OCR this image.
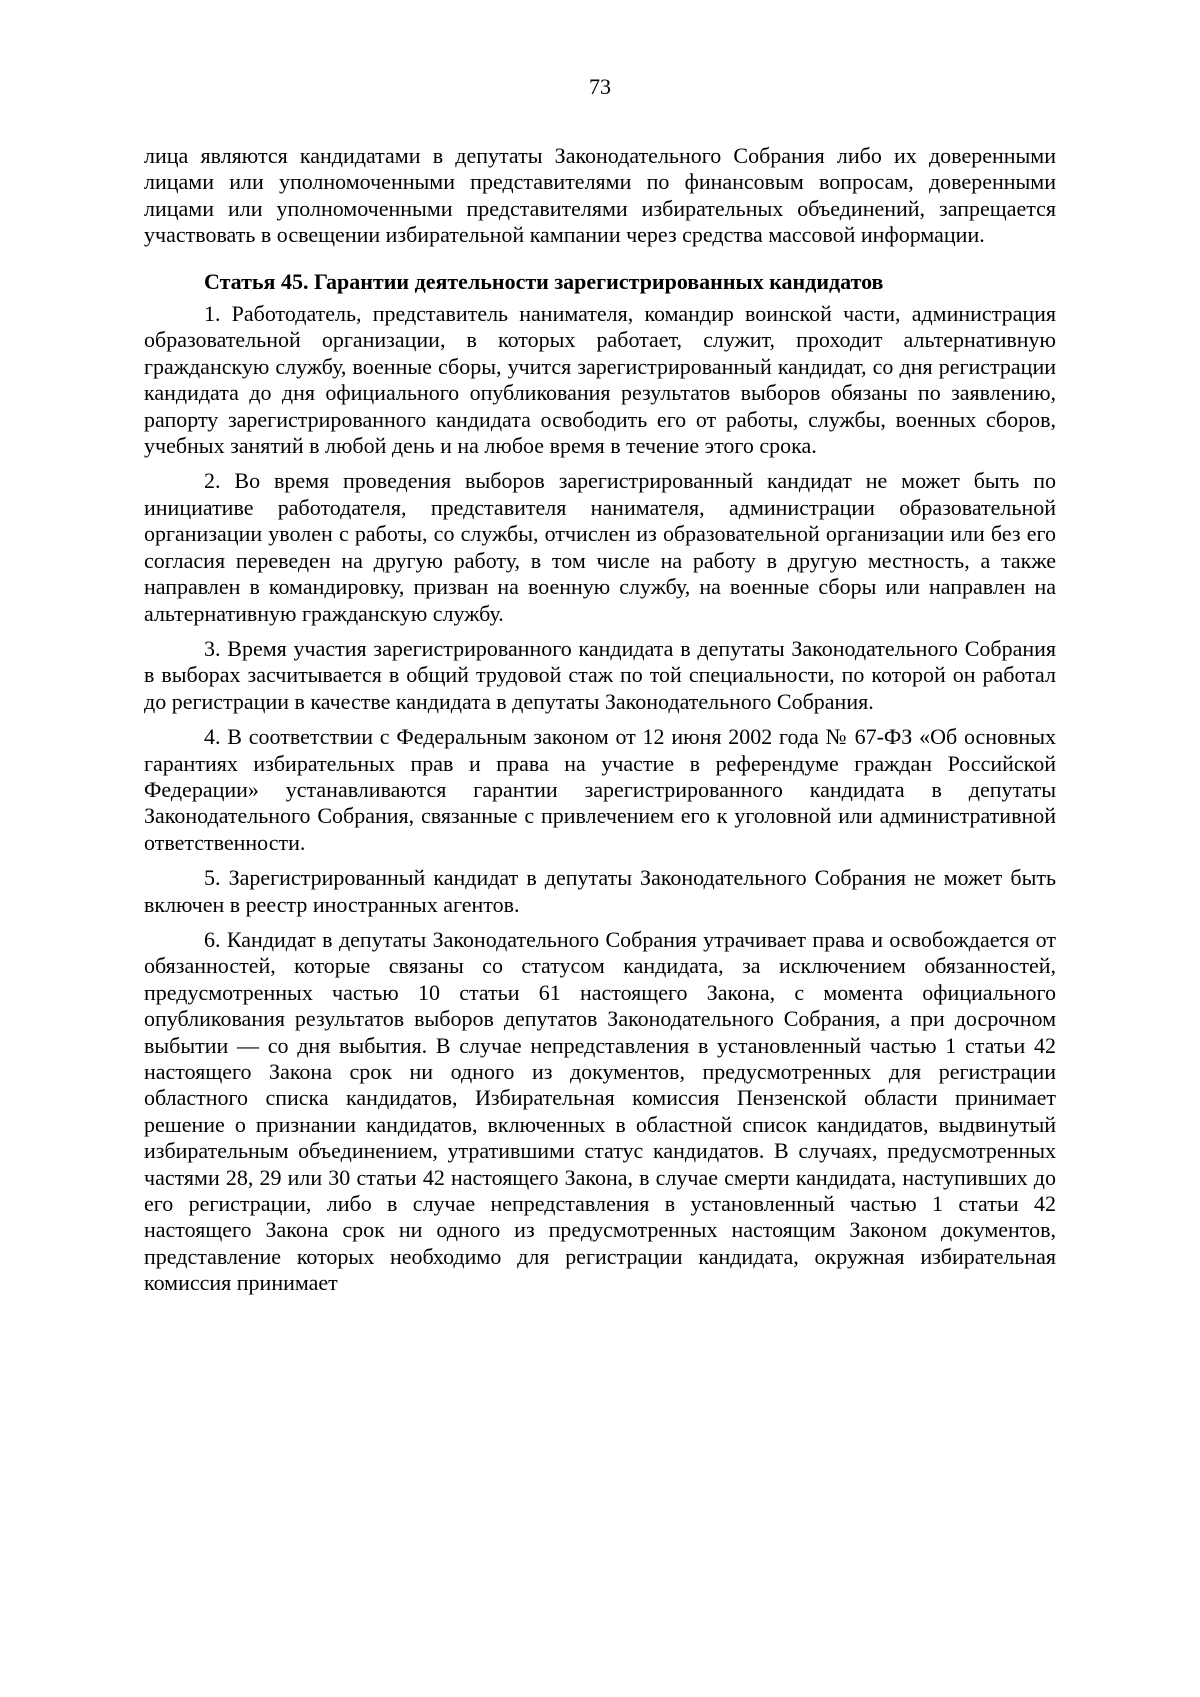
73

лица являются кандидатами в депутаты Законодательного Собрания либо их доверенными лицами или уполномоченными представителями по финансовым вопросам, доверенными лицами или уполномоченными представителями избирательных объединений, запрещается участвовать в освещении избирательной кампании через средства массовой информации.

Статья 45. Гарантии деятельности зарегистрированных кандидатов

1. Работодатель, представитель нанимателя, командир воинской части, администрация образовательной организации, в которых работает, служит, проходит альтернативную гражданскую службу, военные сборы, учится зарегистрированный кандидат, со дня регистрации кандидата до дня официального опубликования результатов выборов обязаны по заявлению, рапорту зарегистрированного кандидата освободить его от работы, службы, военных сборов, учебных занятий в любой день и на любое время в течение этого срока.

2. Во время проведения выборов зарегистрированный кандидат не может быть по инициативе работодателя, представителя нанимателя, администрации образовательной организации уволен с работы, со службы, отчислен из образовательной организации или без его согласия переведен на другую работу, в том числе на работу в другую местность, а также направлен в командировку, призван на военную службу, на военные сборы или направлен на альтернативную гражданскую службу.

3. Время участия зарегистрированного кандидата в депутаты Законодательного Собрания в выборах засчитывается в общий трудовой стаж по той специальности, по которой он работал до регистрации в качестве кандидата в депутаты Законодательного Собрания.

4. В соответствии с Федеральным законом от 12 июня 2002 года № 67-ФЗ «Об основных гарантиях избирательных прав и права на участие в референдуме граждан Российской Федерации» устанавливаются гарантии зарегистрированного кандидата в депутаты Законодательного Собрания, связанные с привлечением его к уголовной или административной ответственности.

5. Зарегистрированный кандидат в депутаты Законодательного Собрания не может быть включен в реестр иностранных агентов.

6. Кандидат в депутаты Законодательного Собрания утрачивает права и освобождается от обязанностей, которые связаны со статусом кандидата, за исключением обязанностей, предусмотренных частью 10 статьи 61 настоящего Закона, с момента официального опубликования результатов выборов депутатов Законодательного Собрания, а при досрочном выбытии — со дня выбытия. В случае непредставления в установленный частью 1 статьи 42 настоящего Закона срок ни одного из документов, предусмотренных для регистрации областного списка кандидатов, Избирательная комиссия Пензенской области принимает решение о признании кандидатов, включенных в областной список кандидатов, выдвинутый избирательным объединением, утратившими статус кандидатов. В случаях, предусмотренных частями 28, 29 или 30 статьи 42 настоящего Закона, в случае смерти кандидата, наступивших до его регистрации, либо в случае непредставления в установленный частью 1 статьи 42 настоящего Закона срок ни одного из предусмотренных настоящим Законом документов, представление которых необходимо для регистрации кандидата, окружная избирательная комиссия принимает
